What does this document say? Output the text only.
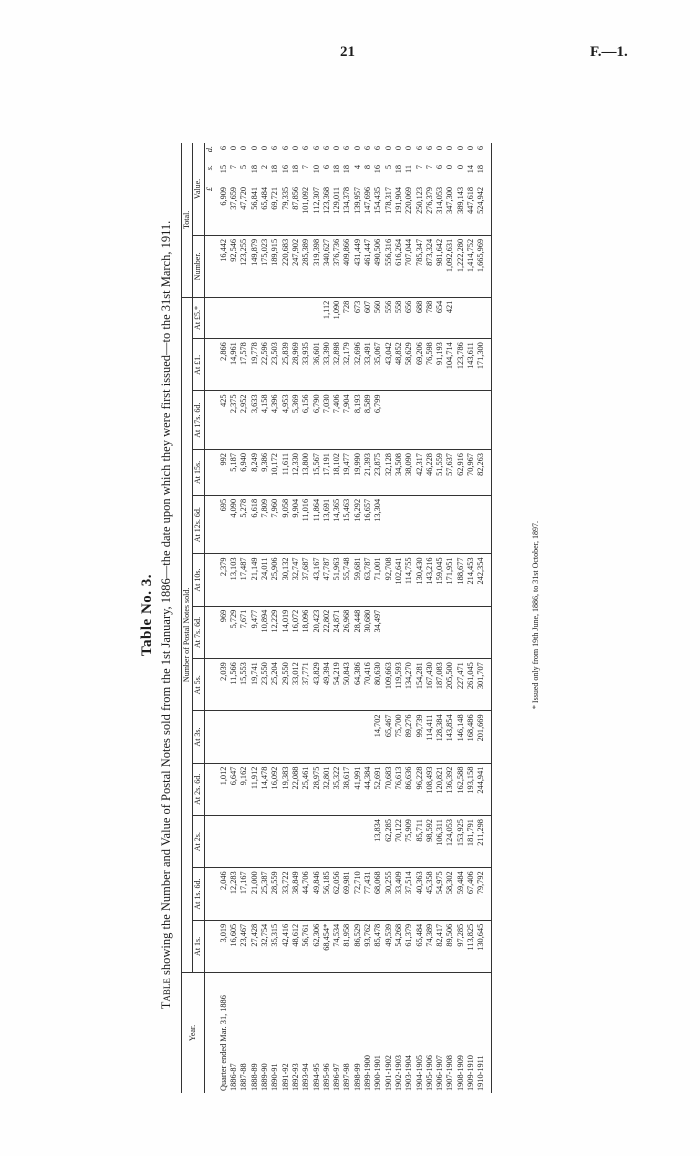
21	F.—1.
Table No. 3.
Table showing the Number and Value of Postal Notes sold from the 1st January, 1886—the date upon which they were first issued—to the 31st March, 1911.
Year.	Number of Postal Notes sold.													Total.			
	At 1s.	At 1s. 6d.	At 2s.	At 2s. 6d.	At 3s.	At 5s.	At 7s. 6d.	At 10s.	At 12s. 6d.	At 15s.	At 17s. 6d.	At £1.	At £5.*	Number.	Value.		
															£	s.	d.
Quarter ended Mar. 31, 1886	3,019	2,046		1,012		2,039	969	2,379	695	992	425	2,866		16,442	6,909	15	6
1886-87	16,605	12,283		6,647		11,566	5,729	13,103	4,090	5,187	2,375	14,961		92,546	37,659	7	0
1887-88	23,467	17,167		9,162		15,553	7,671	17,487	5,278	6,940	2,952	17,578		123,255	47,720	5	0
1888-89	27,428	21,000		11,912		19,741	9,477	21,149	6,618	8,249	3,633	19,778		149,879	56,841	18	0
1889-90	32,754	25,387		14,478		23,550	10,894	24,011	7,809	9,386	4,158	22,596		175,023	65,484	2	0
1890-91	35,315	28,559		16,092		25,204	12,229	25,906	7,960	10,172	4,396	23,503		189,915	69,721	18	6
1891-92	42,416	33,722		19,383		29,550	14,019	30,132	9,058	11,611	4,953	25,839		220,683	79,335	16	6
1892-93	48,612	38,849		22,088		33,012	16,072	32,747	9,904	12,330	5,369	28,969		247,902	87,856	18	0
1893-94	56,761	44,706		25,461		37,771	18,096	37,687	11,016	13,800	6,156	33,935		285,389	101,092	7	6
1894-95	62,306	49,846		28,975		43,829	20,423	43,167	11,864	15,567	6,790	36,601		319,398	112,307	10	6
1895-96	68,454*	56,185		32,801		49,394	22,802	47,787	13,691	17,191	7,030	33,390	1,112	340,627	123,368	6	6
1896-97	74,534	62,056		35,322		54,219	24,871	51,963	14,365	18,102	7,406	32,898	1,090	376,736	129,011	18	0
1897-98	81,958	69,981		38,617		50,843	26,968	55,748	15,463	19,477	7,904	32,179	728	409,866	134,378	18	6
1898-99	86,529	72,710		41,991		64,386	28,448	59,681	16,292	19,990	8,193	32,696	673	431,449	139,957	4	0
1899-1900	93,762	77,431		44,384		70,416	30,680	63,787	16,657	21,393	8,589	33,491	607	461,447	147,696	8	6
1900-1901	85,478	68,068	13,834	52,691	14,702	80,630	34,497	71,001	13,304	23,875	6,799	35,067	560	490,506	154,435	16	6
1901-1902	49,539	30,255	62,285	70,683	65,467	109,663		92,708		32,128		43,042	556	556,316	178,317	5	0
1902-1903	54,268	33,409	70,122	76,613	75,700	119,593		102,641		34,508		48,852	558	616,264	191,904	18	0
1903-1904	61,379	37,514	75,909	86,636	89,276	134,270		114,755		38,090		58,629	656	707,044	220,069	11	0
1904-1905	65,484	40,363	85,711	96,228	99,739	154,281		130,430		42,317		69,206	688	785,347	250,123	7	6
1905-1906	74,389	45,358	98,592	108,493	114,411	167,430		143,216		46,228		76,598	788	873,324	276,379	7	6
1906-1907	82,417	54,975	106,311	120,821	128,384	187,083		159,045		51,559		91,193	654	981,642	314,053	6	0
1907-1908	89,506	58,302	124,053	136,392	143,854	205,500		171,951		57,637		104,714	421	1,092,631	347,300	0	0
1908-1909	97,285	59,484	153,925	162,588	146,148	227,471		188,677		62,916		123,786		1,222,280	389,143	0	0
1909-1910	113,825	67,406	181,791	193,158	168,486	261,045		214,453		70,967		143,611		1,414,752	447,618	14	0
1910-1911	130,645	79,792	211,298	244,941	201,669	301,707		242,354		82,263		171,300		1,665,969	524,942	18	6
* Issued only from 19th June, 1886, to 31st October, 1897.
